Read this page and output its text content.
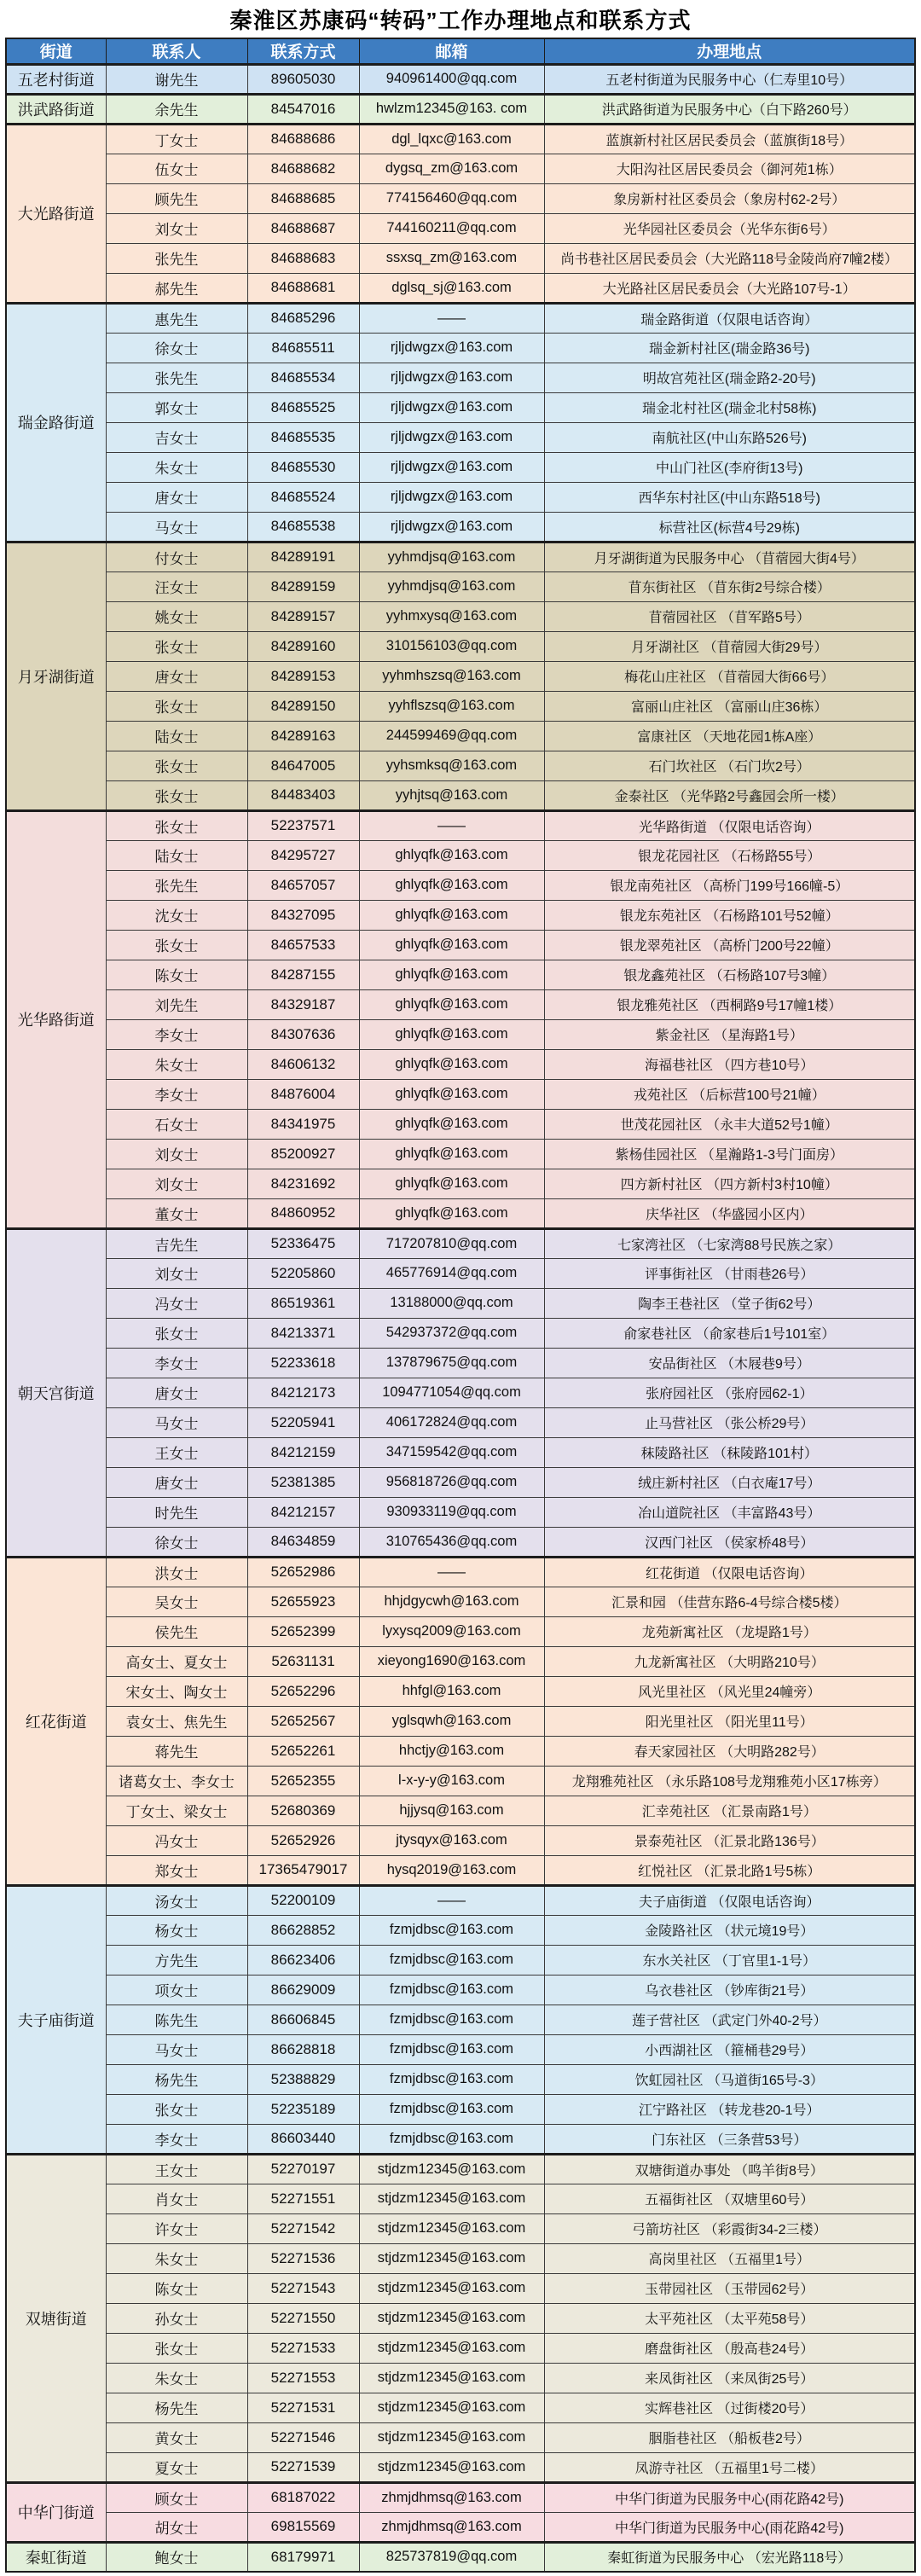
秦淮区苏康码“转码”工作办理地点和联系方式
街道	联系人	联系方式	邮箱	办理地点
五老村街道	谢先生	89605030	940961400@qq.com	五老村街道为民服务中心（仁寿里10号）
洪武路街道	余先生	84547016	hwlzm12345@163. com	洪武路街道为民服务中心（白下路260号）
大光路街道	丁女士	84688686	dgl_lqxc@163.com	蓝旗新村社区居民委员会（蓝旗街18号）
	伍女士	84688682	dygsq_zm@163.com	大阳沟社区居民委员会（御河苑1栋）
	顾先生	84688685	774156460@qq.com	象房新村社区委员会（象房村62-2号）
	刘女士	84688687	744160211@qq.com	光华园社区委员会（光华东街6号）
	张先生	84688683	ssxsq_zm@163.com	尚书巷社区居民委员会（大光路118号金陵尚府7幢2楼）
	郝先生	84688681	dglsq_sj@163.com	大光路社区居民委员会（大光路107号-1）
瑞金路街道	惠先生	84685296	——	瑞金路街道（仅限电话咨询）
	徐女士	84685511	rjljdwgzx@163.com	瑞金新村社区(瑞金路36号)
	张先生	84685534	rjljdwgzx@163.com	明故宫苑社区(瑞金路2-20号)
	郭女士	84685525	rjljdwgzx@163.com	瑞金北村社区(瑞金北村58栋)
	吉女士	84685535	rjljdwgzx@163.com	南航社区(中山东路526号)
	朱女士	84685530	rjljdwgzx@163.com	中山门社区(李府街13号)
	唐女士	84685524	rjljdwgzx@163.com	西华东村社区(中山东路518号)
	马女士	84685538	rjljdwgzx@163.com	标营社区(标营4号29栋)
月牙湖街道	付女士	84289191	yyhmdjsq@163.com	月牙湖街道为民服务中心 （苜蓿园大街4号）
	汪女士	84289159	yyhmdjsq@163.com	苜东街社区 （苜东街2号综合楼）
	姚女士	84289157	yyhmxysq@163.com	苜蓿园社区 （苜军路5号）
	张女士	84289160	310156103@qq.com	月牙湖社区 （苜蓿园大街29号）
	唐女士	84289153	yyhmhszsq@163.com	梅花山庄社区 （苜蓿园大街66号）
	张女士	84289150	yyhflszsq@163.com	富丽山庄社区 （富丽山庄36栋）
	陆女士	84289163	244599469@qq.com	富康社区 （天地花园1栋A座）
	张女士	84647005	yyhsmksq@163.com	石门坎社区 （石门坎2号）
	张女士	84483403	yyhjtsq@163.com	金泰社区 （光华路2号鑫园会所一楼）
光华路街道	张女士	52237571	——	光华路街道 （仅限电话咨询）
	陆女士	84295727	ghlyqfk@163.com	银龙花园社区 （石杨路55号）
	张先生	84657057	ghlyqfk@163.com	银龙南苑社区 （高桥门199号166幢-5）
	沈女士	84327095	ghlyqfk@163.com	银龙东苑社区 （石杨路101号52幢）
	张女士	84657533	ghlyqfk@163.com	银龙翠苑社区 （高桥门200号22幢）
	陈女士	84287155	ghlyqfk@163.com	银龙鑫苑社区 （石杨路107号3幢）
	刘先生	84329187	ghlyqfk@163.com	银龙雅苑社区 （西桐路9号17幢1楼）
	李女士	84307636	ghlyqfk@163.com	紫金社区 （星海路1号）
	朱女士	84606132	ghlyqfk@163.com	海福巷社区 （四方巷10号）
	李女士	84876004	ghlyqfk@163.com	戎苑社区 （后标营100号21幢）
	石女士	84341975	ghlyqfk@163.com	世茂花园社区 （永丰大道52号1幢）
	刘女士	85200927	ghlyqfk@163.com	紫杨佳园社区 （星瀚路1-3号门面房）
	刘女士	84231692	ghlyqfk@163.com	四方新村社区 （四方新村3村10幢）
	董女士	84860952	ghlyqfk@163.com	庆华社区 （华盛园小区内）
朝天宫街道	吉先生	52336475	717207810@qq.com	七家湾社区 （七家湾88号民族之家）
	刘女士	52205860	465776914@qq.com	评事街社区 （甘雨巷26号）
	冯女士	86519361	13188000@qq.com	陶李王巷社区 （堂子街62号）
	张女士	84213371	542937372@qq.com	俞家巷社区 （俞家巷后1号101室）
	李女士	52233618	137879675@qq.com	安品街社区 （木屐巷9号）
	唐女士	84212173	1094771054@qq.com	张府园社区 （张府园62-1）
	马女士	52205941	406172824@qq.com	止马营社区 （张公桥29号）
	王女士	84212159	347159542@qq.com	秣陵路社区 （秣陵路101村）
	唐女士	52381385	956818726@qq.com	绒庄新村社区 （白衣庵17号）
	时先生	84212157	930933119@qq.com	冶山道院社区 （丰富路43号）
	徐女士	84634859	310765436@qq.com	汉西门社区 （侯家桥48号）
红花街道	洪女士	52652986	——	红花街道 （仅限电话咨询）
	吴女士	52655923	hhjdgycwh@163.com	汇景和园 （佳营东路6-4号综合楼5楼）
	侯先生	52652399	lyxysq2009@163.com	龙苑新寓社区 （龙堤路1号）
	高女士、夏女士	52631131	xieyong1690@163.com	九龙新寓社区 （大明路210号）
	宋女士、陶女士	52652296	hhfgl@163.com	风光里社区 （风光里24幢旁）
	袁女士、焦先生	52652567	yglsqwh@163.com	阳光里社区 （阳光里11号）
	蒋先生	52652261	hhctjy@163.com	春天家园社区 （大明路282号）
	诸葛女士、李女士	52652355	l-x-y-y@163.com	龙翔雅苑社区 （永乐路108号龙翔雅苑小区17栋旁）
	丁女士、梁女士	52680369	hjjysq@163.com	汇幸苑社区 （汇景南路1号）
	冯女士	52652926	jtysqyx@163.com	景泰苑社区 （汇景北路136号）
	郑女士	17365479017	hysq2019@163.com	红悦社区 （汇景北路1号5栋）
夫子庙街道	汤女士	52200109	——	夫子庙街道 （仅限电话咨询）
	杨女士	86628852	fzmjdbsc@163.com	金陵路社区 （状元境19号）
	方先生	86623406	fzmjdbsc@163.com	东水关社区 （丁官里1-1号）
	项女士	86629009	fzmjdbsc@163.com	乌衣巷社区 （钞库街21号）
	陈先生	86606845	fzmjdbsc@163.com	莲子营社区 （武定门外40-2号）
	马女士	86628818	fzmjdbsc@163.com	小西湖社区 （箍桶巷29号）
	杨先生	52388829	fzmjdbsc@163.com	饮虹园社区 （马道街165号-3）
	张女士	52235189	fzmjdbsc@163.com	江宁路社区 （转龙巷20-1号）
	李女士	86603440	fzmjdbsc@163.com	门东社区 （三条营53号）
双塘街道	王女士	52270197	stjdzm12345@163.com	双塘街道办事处 （鸣羊街8号）
	肖女士	52271551	stjdzm12345@163.com	五福街社区 （双塘里60号）
	许女士	52271542	stjdzm12345@163.com	弓箭坊社区 （彩霞街34-2三楼）
	朱女士	52271536	stjdzm12345@163.com	高岗里社区 （五福里1号）
	陈女士	52271543	stjdzm12345@163.com	玉带园社区 （玉带园62号）
	孙女士	52271550	stjdzm12345@163.com	太平苑社区 （太平苑58号）
	张女士	52271533	stjdzm12345@163.com	磨盘街社区 （殷高巷24号）
	朱女士	52271553	stjdzm12345@163.com	来凤街社区 （来凤街25号）
	杨先生	52271531	stjdzm12345@163.com	实辉巷社区 （过街楼20号）
	黄女士	52271546	stjdzm12345@163.com	胭脂巷社区 （船板巷2号）
	夏女士	52271539	stjdzm12345@163.com	凤游寺社区 （五福里1号二楼）
中华门街道	顾女士	68187022	zhmjdhmsq@163.com	中华门街道为民服务中心(雨花路42号)
	胡女士	69815569	zhmjdhmsq@163.com	中华门街道为民服务中心(雨花路42号)
秦虹街道	鲍女士	68179971	825737819@qq.com	秦虹街道为民服务中心 （宏光路118号）
